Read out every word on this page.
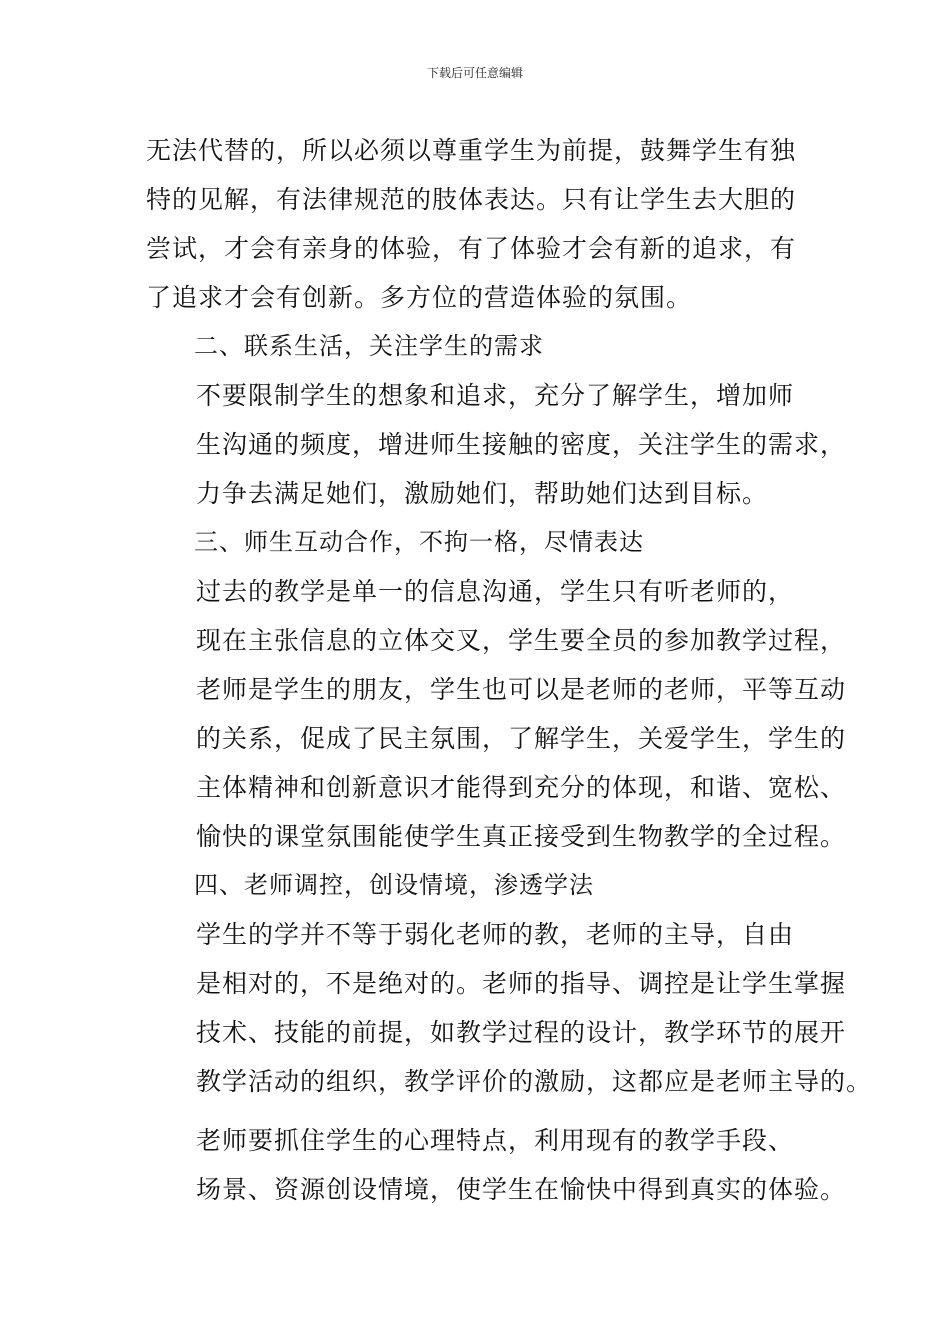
下载后可任意编辑

无法代替的，所以必须以尊重学生为前提，鼓舞学生有独
特的见解，有法律规范的肢体表达。只有让学生去大胆的
尝试，才会有亲身的体验，有了体验才会有新的追求，有
了追求才会有创新。多方位的营造体验的氛围。

二、联系生活，关注学生的需求

不要限制学生的想象和追求，充分了解学生，增加师
生沟通的频度，增进师生接触的密度，关注学生的需求，
力争去满足她们，激励她们，帮助她们达到目标。

三、师生互动合作，不拘一格，尽情表达

过去的教学是单一的信息沟通，学生只有听老师的，
现在主张信息的立体交叉，学生要全员的参加教学过程，
老师是学生的朋友，学生也可以是老师的老师，平等互动
的关系，促成了民主氛围，了解学生，关爱学生，学生的
主体精神和创新意识才能得到充分的体现，和谐、宽松、
愉快的课堂氛围能使学生真正接受到生物教学的全过程。

四、老师调控，创设情境，渗透学法

学生的学并不等于弱化老师的教，老师的主导，自由
是相对的，不是绝对的。老师的指导、调控是让学生掌握
技术、技能的前提，如教学过程的设计，教学环节的展开
教学活动的组织，教学评价的激励，这都应是老师主导的。

老师要抓住学生的心理特点，利用现有的教学手段、
场景、资源创设情境，使学生在愉快中得到真实的体验。
